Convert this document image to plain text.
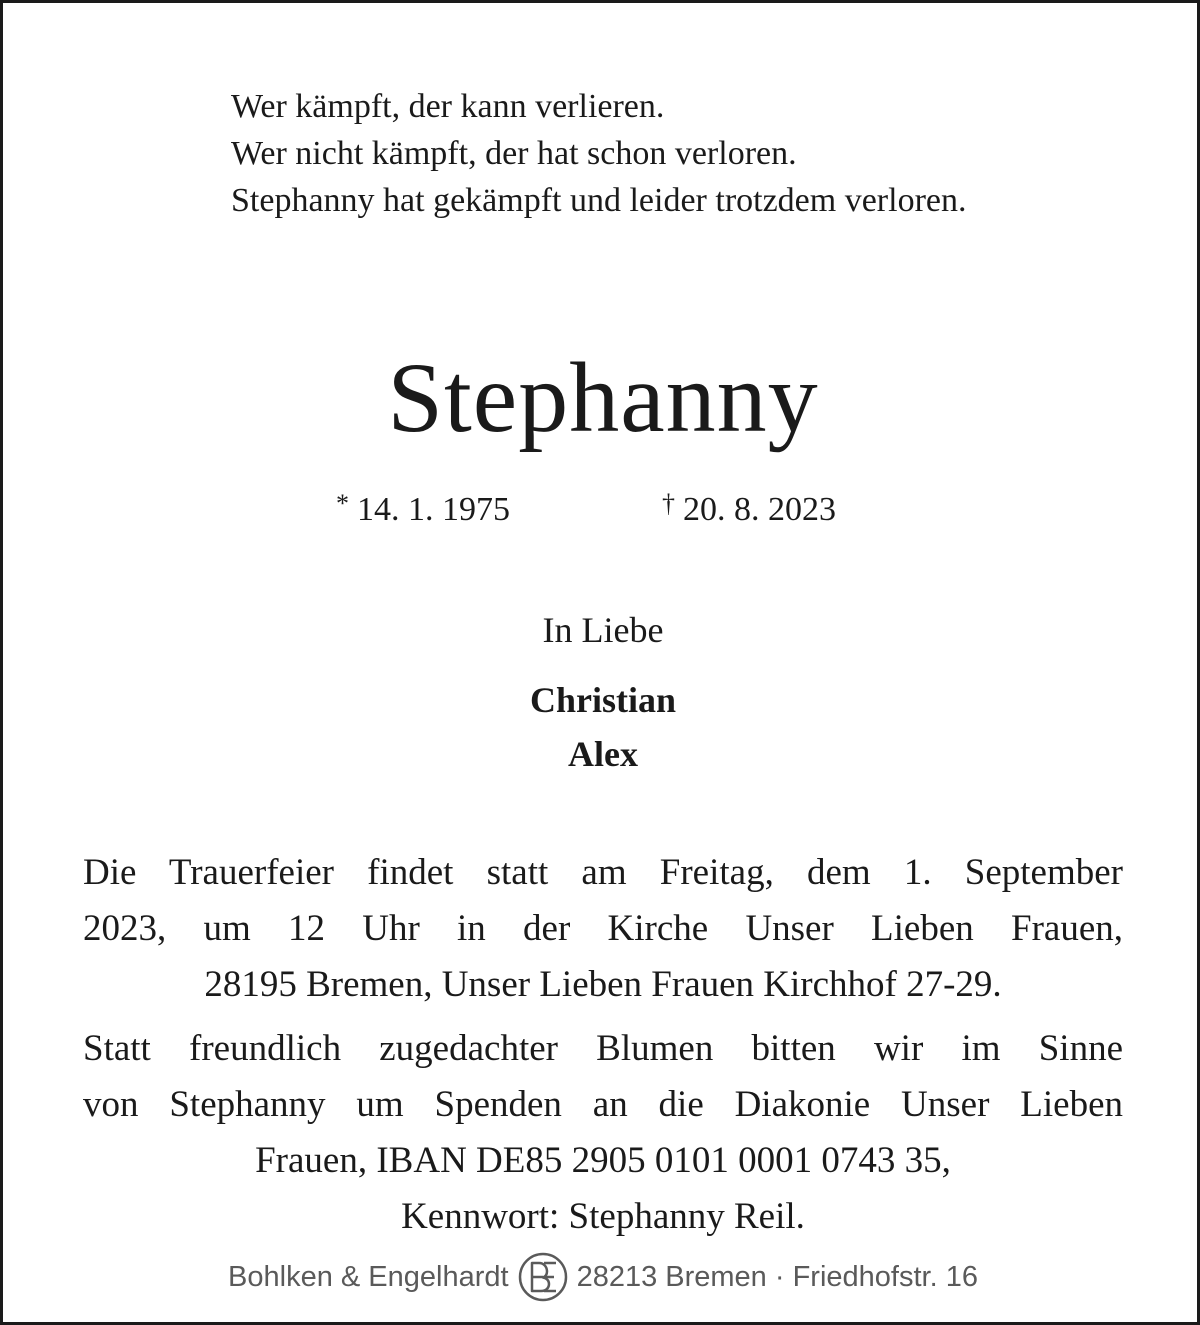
Wer kämpft, der kann verlieren.
Wer nicht kämpft, der hat schon verloren.
Stephanny hat gekämpft und leider trotzdem verloren.
Stephanny
* 14. 1. 1975	† 20. 8. 2023
In Liebe
Christian
Alex
Die Trauerfeier findet statt am Freitag, dem 1. September
2023, um 12 Uhr in der Kirche Unser Lieben Frauen,
28195 Bremen, Unser Lieben Frauen Kirchhof 27-29.
Statt freundlich zugedachter Blumen bitten wir im Sinne
von Stephanny um Spenden an die Diakonie Unser Lieben
Frauen, IBAN DE85 2905 0101 0001 0743 35,
Kennwort: Stephanny Reil.
Bohlken & Engelhardt 28213 Bremen · Friedhofstr. 16
